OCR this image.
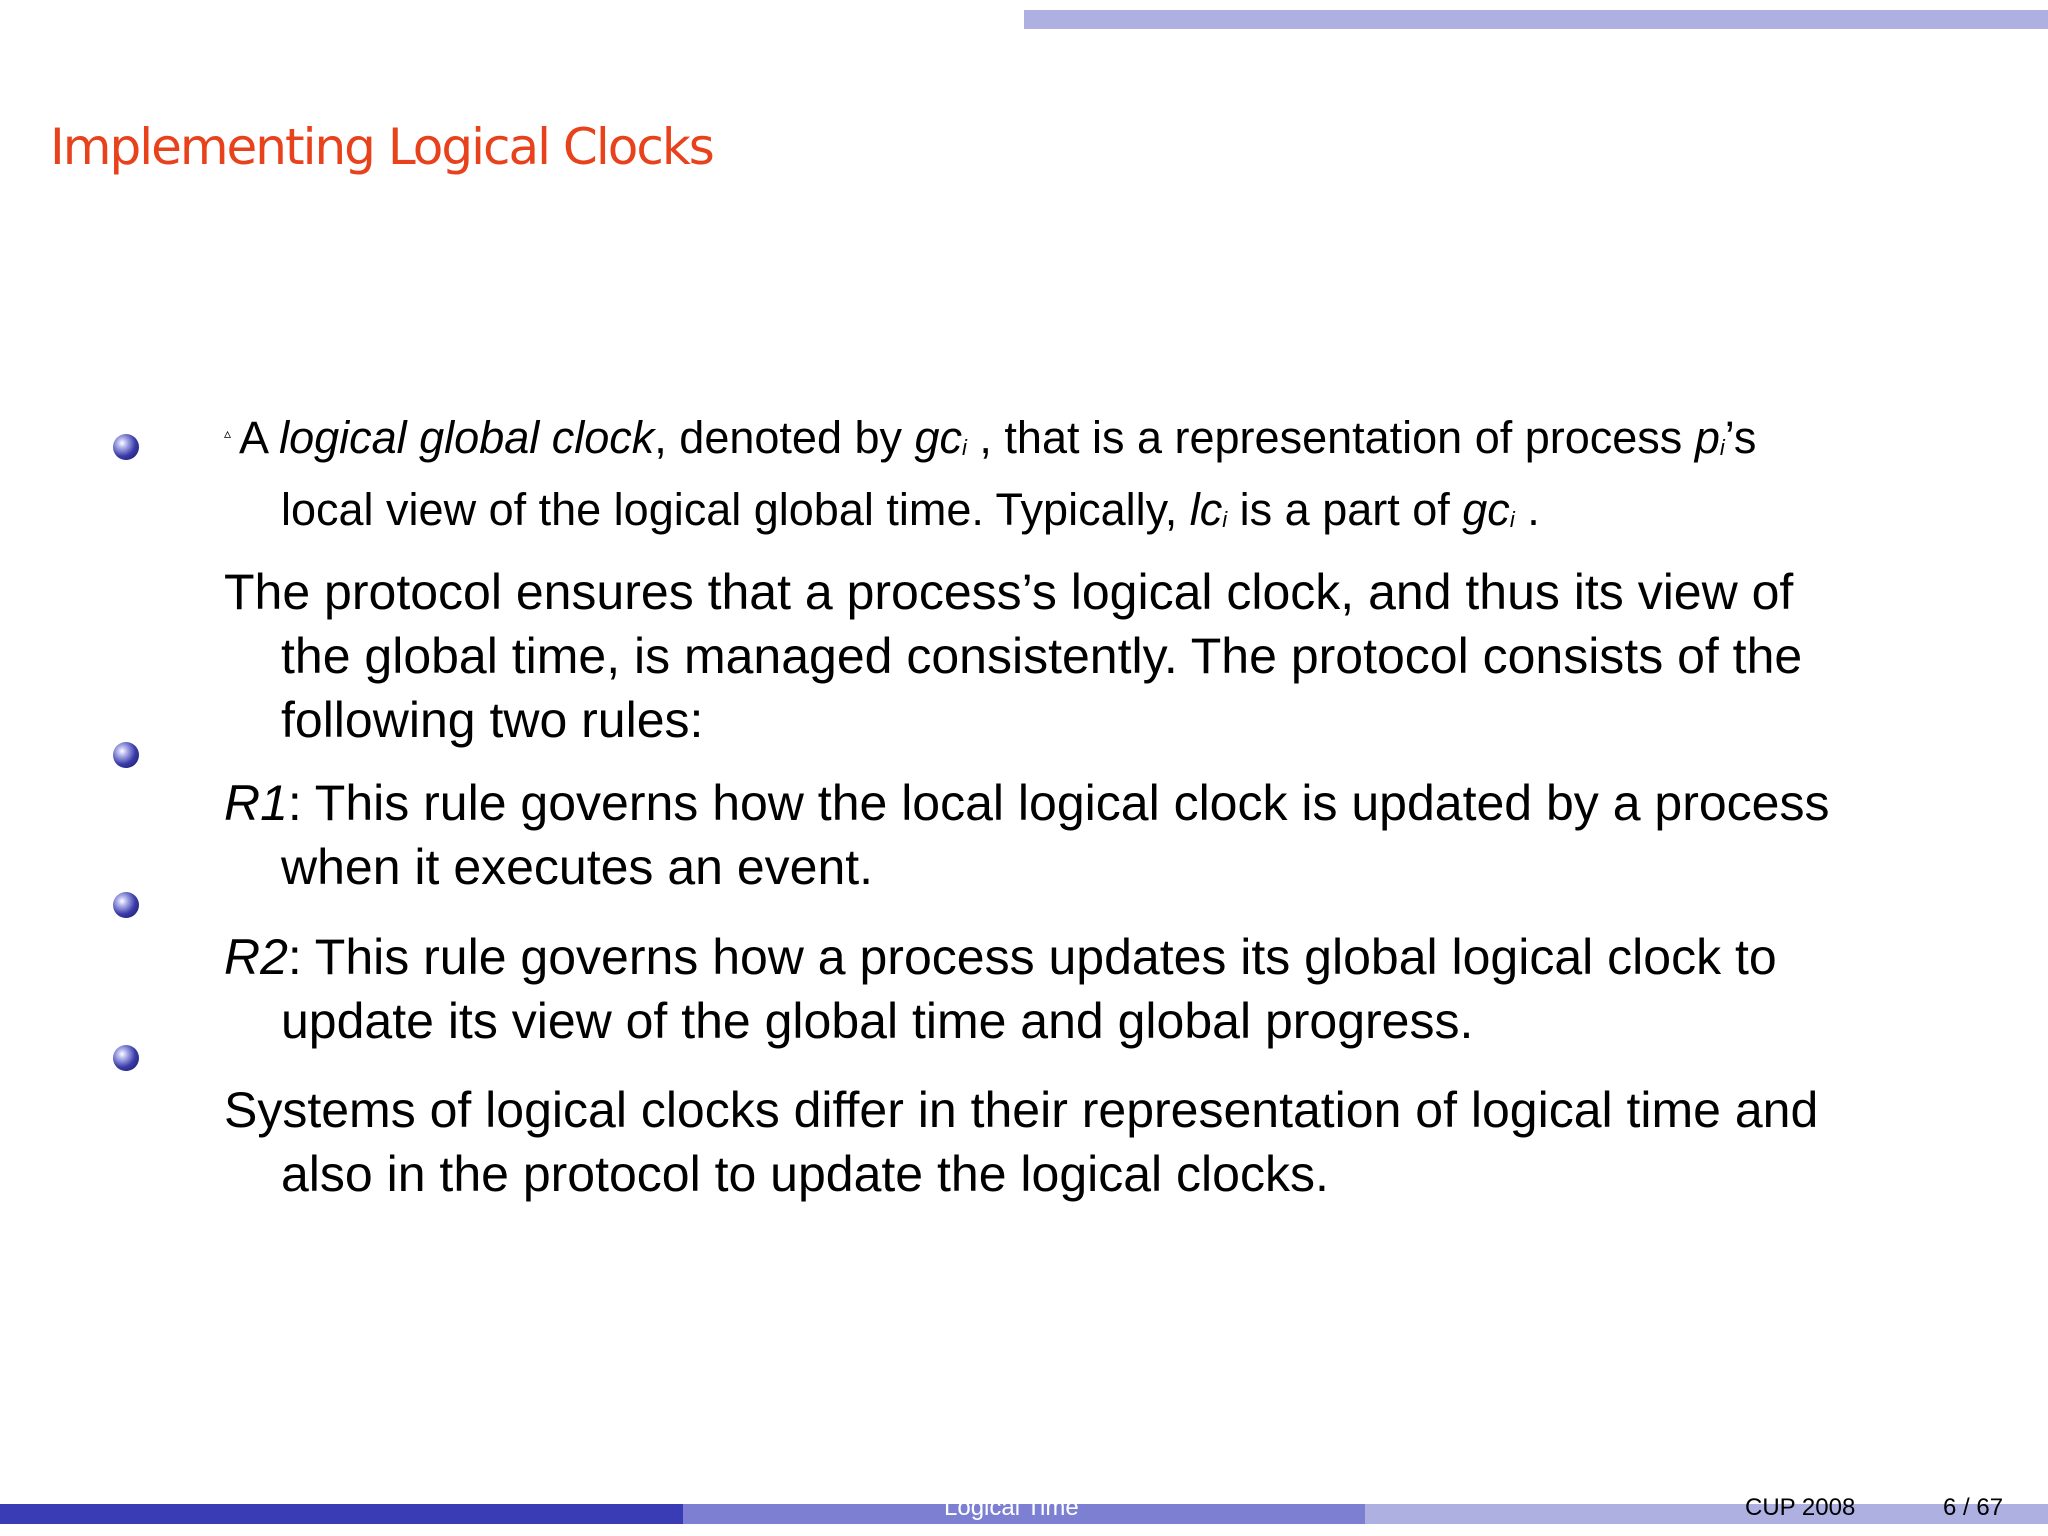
Implementing Logical Clocks
▵ A logical global clock, denoted by $gc_i$ , that is a representation of process $p_i’s$
local view of the logical global time. Typically, $lc_i$ is a part of $gc_i$ .
The protocol ensures that a process’s logical clock, and thus its view of
the global time, is managed consistently. The protocol consists of the
following two rules:
R1: This rule governs how the local logical clock is updated by a process
when it executes an event.
R2: This rule governs how a process updates its global logical clock to
update its view of the global time and global progress.
Systems of logical clocks differ in their representation of logical time and
also in the protocol to update the logical clocks.
Logical Time	CUP 2008	6 / 67
